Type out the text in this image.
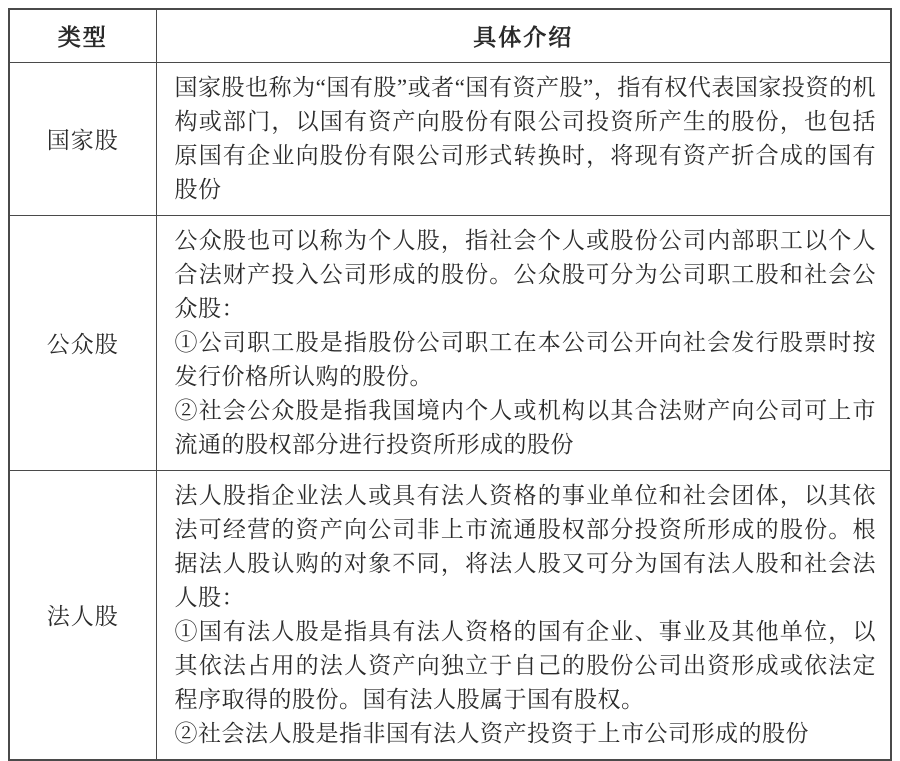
类型	具体介绍
国家股	国家股也称为“国有股”或者“国有资产股”，指有权代表国家投资的机构或部门，以国有资产向股份有限公司投资所产生的股份，也包括原国有企业向股份有限公司形式转换时，将现有资产折合成的国有股份

公众股	公众股也可以称为个人股，指社会个人或股份公司内部职工以个人合法财产投入公司形成的股份。公众股可分为公司职工股和社会公众股：

①公司职工股是指股份公司职工在本公司公开向社会发行股票时按发行价格所认购的股份。

②社会公众股是指我国境内个人或机构以其合法财产向公司可上市流通的股权部分进行投资所形成的股份

法人股	法人股指企业法人或具有法人资格的事业单位和社会团体，以其依法可经营的资产向公司非上市流通股权部分投资所形成的股份。根据法人股认购的对象不同，将法人股又可分为国有法人股和社会法人股：

①国有法人股是指具有法人资格的国有企业、事业及其他单位，以其依法占用的法人资产向独立于自己的股份公司出资形成或依法定程序取得的股份。国有法人股属于国有股权。

②社会法人股是指非国有法人资产投资于上市公司形成的股份
